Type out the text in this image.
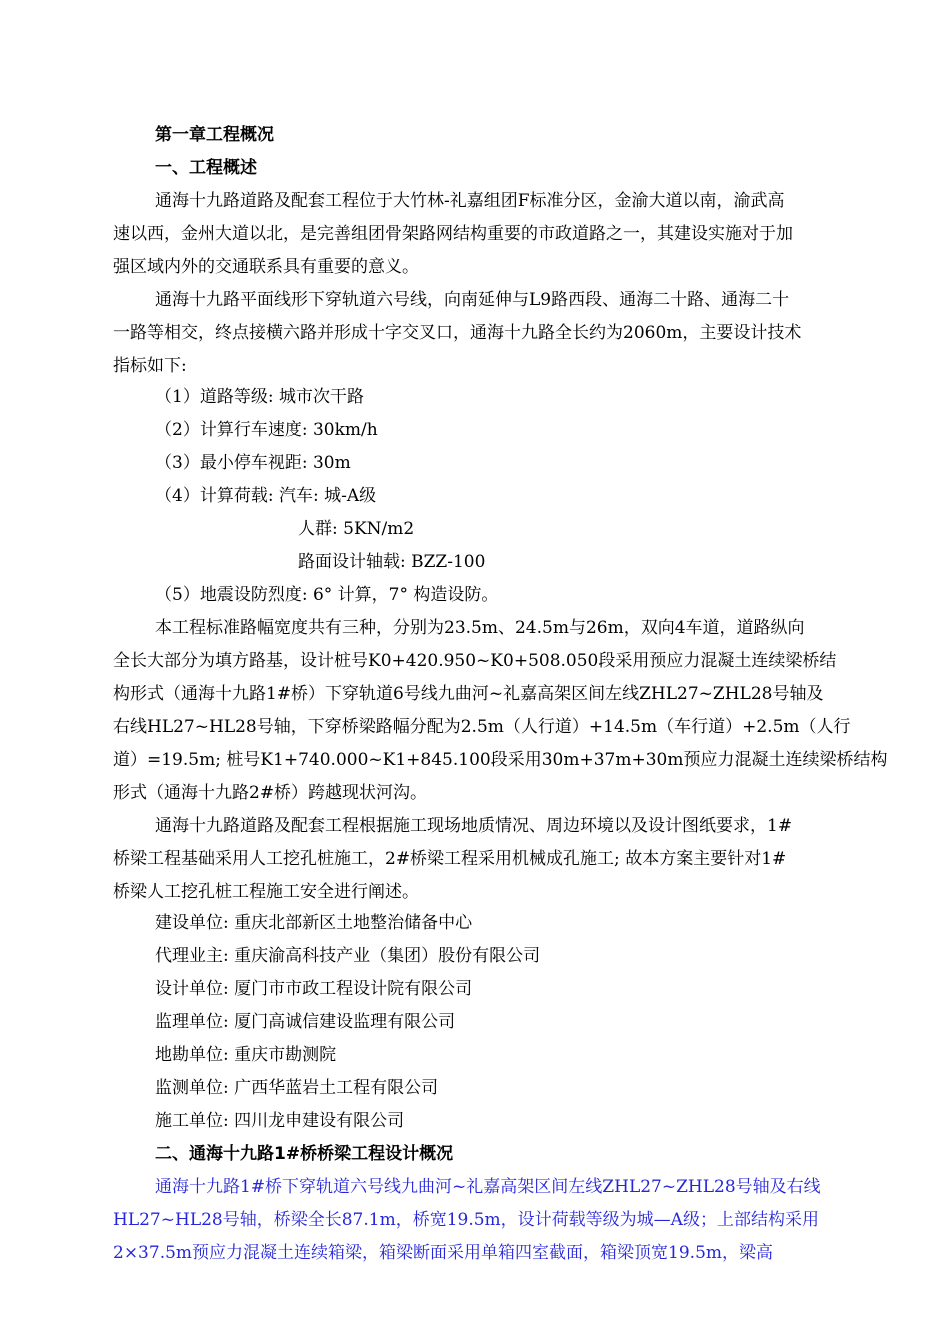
第一章工程概况
一、工程概述
通海十九路道路及配套工程位于大竹林-礼嘉组团F标准分区，金渝大道以南，渝武高
速以西，金州大道以北，是完善组团骨架路网结构重要的市政道路之一，其建设实施对于加
强区域内外的交通联系具有重要的意义。
通海十九路平面线形下穿轨道六号线，向南延伸与L9路西段、通海二十路、通海二十
一路等相交，终点接横六路并形成十字交叉口，通海十九路全长约为2060m，主要设计技术
指标如下:
（1）道路等级: 城市次干路
（2）计算行车速度: 30km/h
（3）最小停车视距: 30m
（4）计算荷载: 汽车: 城-A级
人群: 5KN/m2
路面设计轴载: BZZ-100
（5）地震设防烈度: 6° 计算，7° 构造设防。
本工程标准路幅宽度共有三种，分别为23.5m、24.5m与26m，双向4车道，道路纵向
全长大部分为填方路基，设计桩号K0+420.950~K0+508.050段采用预应力混凝土连续梁桥结
构形式（通海十九路1#桥）下穿轨道6号线九曲河~礼嘉高架区间左线ZHL27~ZHL28号轴及
右线HL27~HL28号轴，下穿桥梁路幅分配为2.5m（人行道）+14.5m（车行道）+2.5m（人行
道）=19.5m; 桩号K1+740.000~K1+845.100段采用30m+37m+30m预应力混凝土连续梁桥结构
形式（通海十九路2#桥）跨越现状河沟。
通海十九路道路及配套工程根据施工现场地质情况、周边环境以及设计图纸要求，1#
桥梁工程基础采用人工挖孔桩施工，2#桥梁工程采用机械成孔施工; 故本方案主要针对1#
桥梁人工挖孔桩工程施工安全进行阐述。
建设单位: 重庆北部新区土地整治储备中心
代理业主: 重庆渝高科技产业（集团）股份有限公司
设计单位: 厦门市市政工程设计院有限公司
监理单位: 厦门高诚信建设监理有限公司
地勘单位: 重庆市勘测院
监测单位: 广西华蓝岩土工程有限公司
施工单位: 四川龙申建设有限公司
二、通海十九路1#桥桥梁工程设计概况
通海十九路1#桥下穿轨道六号线九曲河~礼嘉高架区间左线ZHL27~ZHL28号轴及右线
HL27~HL28号轴，桥梁全长87.1m，桥宽19.5m，设计荷载等级为城—A级；上部结构采用
2×37.5m预应力混凝土连续箱梁，箱梁断面采用单箱四室截面，箱梁顶宽19.5m，梁高
